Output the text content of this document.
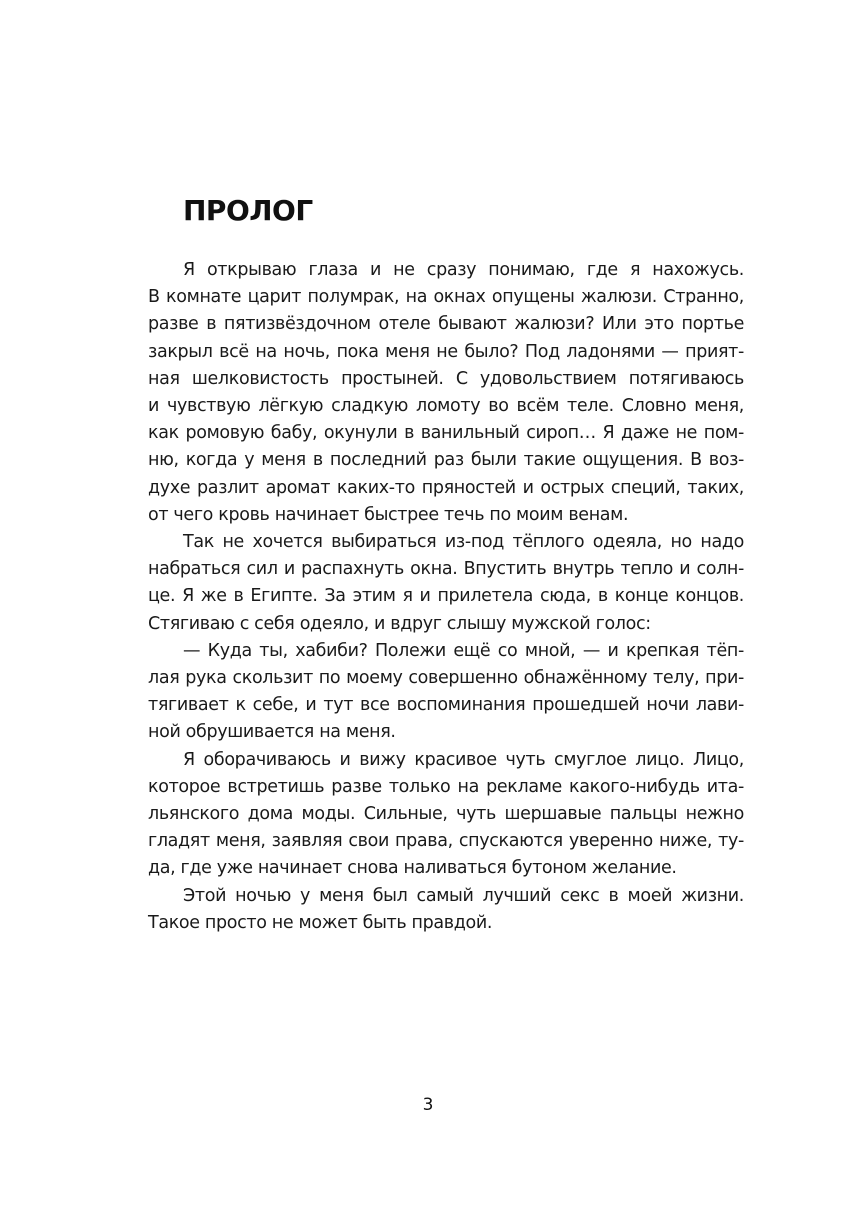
ПРОЛОГ

Я открываю глаза и не сразу понимаю, где я нахожусь.
В комнате царит полумрак, на окнах опущены жалюзи. Странно,
разве в пятизвёздочном отеле бывают жалюзи? Или это портье
закрыл всё на ночь, пока меня не было? Под ладонями — прият-
ная шелковистость простыней. С удовольствием потягиваюсь
и чувствую лёгкую сладкую ломоту во всём теле. Словно меня,
как ромовую бабу, окунули в ванильный сироп… Я даже не пом-
ню, когда у меня в последний раз были такие ощущения. В воз-
духе разлит аромат каких-то пряностей и острых специй, таких,
от чего кровь начинает быстрее течь по моим венам.

Так не хочется выбираться из-под тёплого одеяла, но надо
набраться сил и распахнуть окна. Впустить внутрь тепло и солн-
це. Я же в Египте. За этим я и прилетела сюда, в конце концов.
Стягиваю с себя одеяло, и вдруг слышу мужской голос:

— Куда ты, хабиби? Полежи ещё со мной, — и крепкая тёп-
лая рука скользит по моему совершенно обнажённому телу, при-
тягивает к себе, и тут все воспоминания прошедшей ночи лави-
ной обрушивается на меня.

Я оборачиваюсь и вижу красивое чуть смуглое лицо. Лицо,
которое встретишь разве только на рекламе какого-нибудь ита-
льянского дома моды. Сильные, чуть шершавые пальцы нежно
гладят меня, заявляя свои права, спускаются уверенно ниже, ту-
да, где уже начинает снова наливаться бутоном желание.

Этой ночью у меня был самый лучший секс в моей жизни.
Такое просто не может быть правдой.

3
